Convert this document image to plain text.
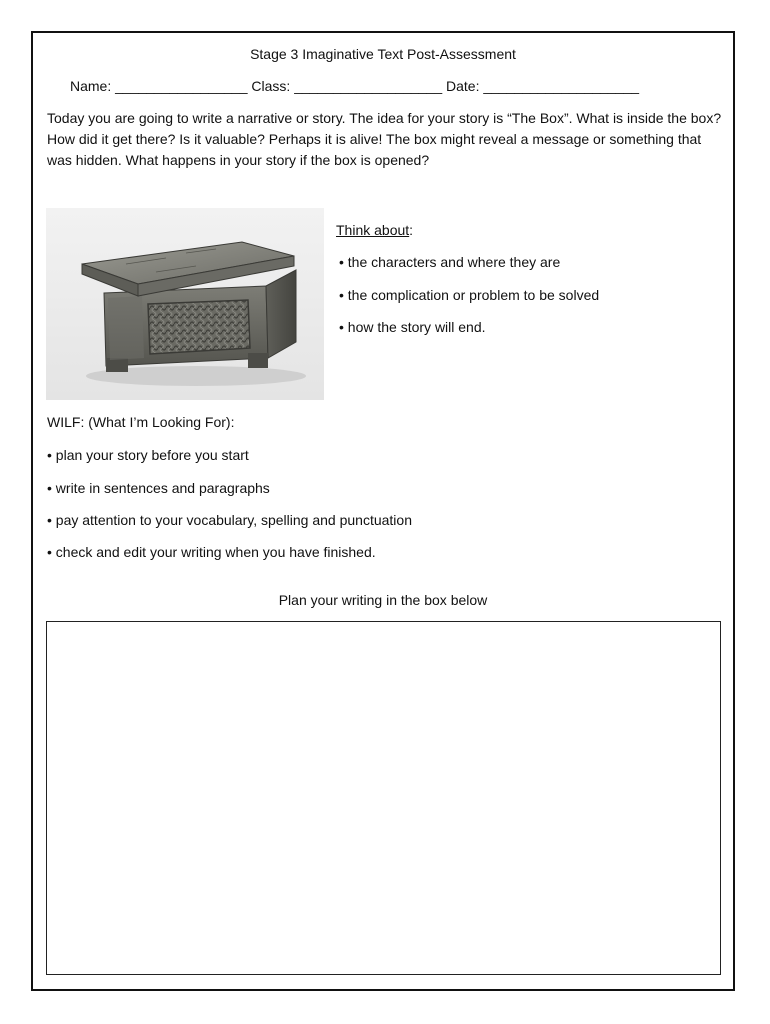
Stage 3 Imaginative Text Post-Assessment
Name: _________________ Class: ___________________ Date: ____________________
Today you are going to write a narrative or story. The idea for your story is “The Box”. What is inside the box? How did it get there? Is it valuable? Perhaps it is alive! The box might reveal a message or something that was hidden. What happens in your story if the box is opened?
Think about:
• the characters and where they are
• the complication or problem to be solved
• how the story will end.
WILF: (What I’m Looking For):
• plan your story before you start
• write in sentences and paragraphs
• pay attention to your vocabulary, spelling and punctuation
• check and edit your writing when you have finished.
Plan your writing in the box below
